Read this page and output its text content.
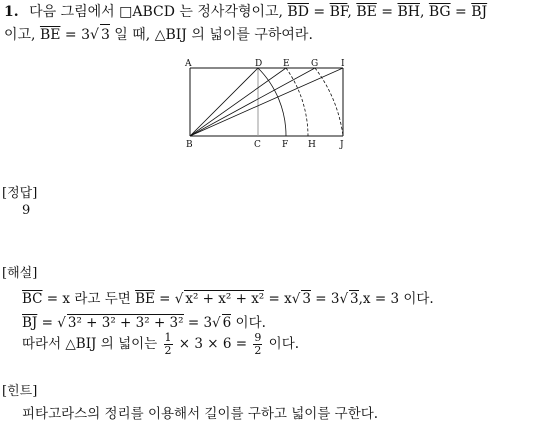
1. 다음 그림에서 □ABCD 는 정사각형이고, $\overline{BD} = \overline{BF}$, $\overline{BE} = \overline{BH}$, $\overline{BG} = \overline{BJ}$
이고, $\overline{BE} = 3√$ 3 일 때, △BIJ 의 넓이를 구하여라.
A	D E G	I
B	C F H	J
[정답]
9
[해설]
$\overline{BC} = x$ 라고 두면 $\overline{BE}$ = √ x² + x² + x² = x√ 3 = 3√ 3,x = 3 이다.
$\overline{BJ}$ = √ 3² + 3² + 3² + 3² = 3√ 6 이다.
따라서 △BIJ 의 넓이는 $\frac{1}{2} \times 3 \times 6 = \frac{9}{2}$ 이다.
[힌트]
피타고라스의 정리를 이용해서 길이를 구하고 넓이를 구한다.
